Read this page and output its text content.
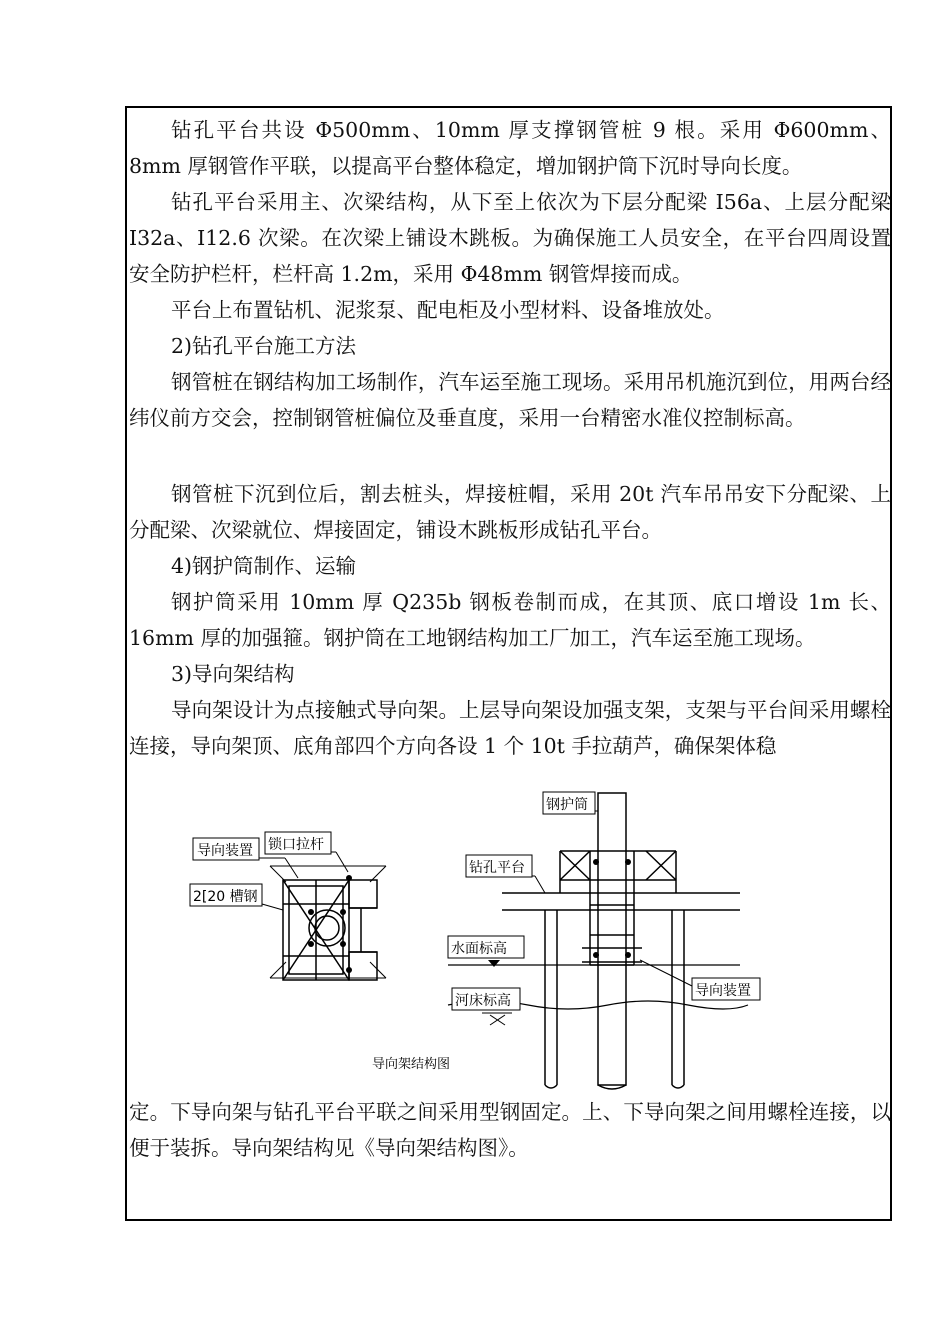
钻孔平台共设 Φ500mm、10mm 厚支撑钢管桩 9 根。采用 Φ600mm、8mm 厚钢管作平联，以提高平台整体稳定，增加钢护筒下沉时导向长度。

钻孔平台采用主、次梁结构，从下至上依次为下层分配梁 I56a、上层分配梁 I32a、I12.6 次梁。在次梁上铺设木跳板。为确保施工人员安全，在平台四周设置安全防护栏杆，栏杆高 1.2m，采用 Φ48mm 钢管焊接而成。

平台上布置钻机、泥浆泵、配电柜及小型材料、设备堆放处。

2)钻孔平台施工方法

钢管桩在钢结构加工场制作，汽车运至施工现场。采用吊机施沉到位，用两台经纬仪前方交会，控制钢管桩偏位及垂直度，采用一台精密水准仪控制标高。

钢管桩下沉到位后，割去桩头，焊接桩帽，采用 20t 汽车吊吊安下分配梁、上分配梁、次梁就位、焊接固定，铺设木跳板形成钻孔平台。

4)钢护筒制作、运输

钢护筒采用 10mm 厚 Q235b 钢板卷制而成，在其顶、底口增设 1m 长、16mm 厚的加强箍。钢护筒在工地钢结构加工厂加工，汽车运至施工现场。

3)导向架结构

导向架设计为点接触式导向架。上层导向架设加强支架，支架与平台间采用螺栓连接，导向架顶、底角部四个方向各设 1 个 10t 手拉葫芦，确保架体稳

导向装置 锁口拉杆
2[20 槽钢
钢护筒
钻孔平台
水面标高
河床标高
导向装置
导向架结构图

定。下导向架与钻孔平台平联之间采用型钢固定。上、下导向架之间用螺栓连接，以便于装拆。导向架结构见《导向架结构图》。
